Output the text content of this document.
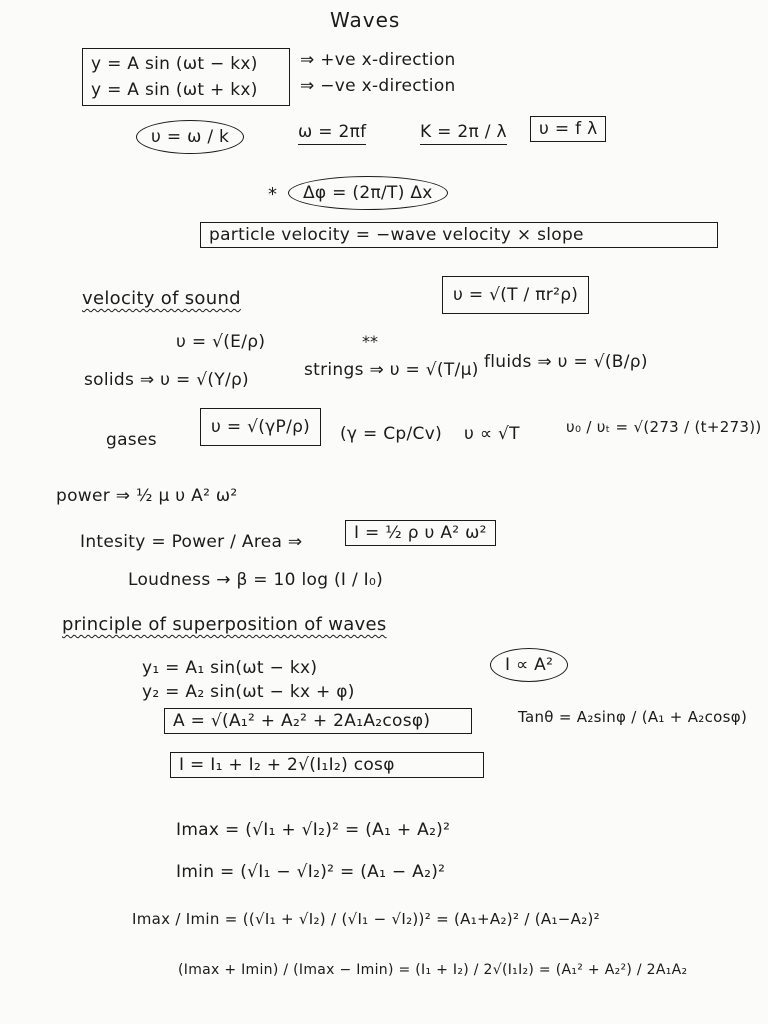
Waves
y = A sin (ωt − kx)
y = A sin (ωt + kx)
⇒ +ve x-direction
⇒ −ve x-direction
υ = ω / k	ω = 2πf	K = 2π / λ	υ = f λ
*	Δφ = (2π/T) Δx
particle velocity = −wave velocity × slope
velocity of sound	υ = √(T / πr²ρ)
υ = √(E/ρ)	**
solids ⇒ υ = √(Y/ρ)	strings ⇒ υ = √(T/μ) fluids ⇒ υ = √(B/ρ)
gases
υ = √(γP/ρ)	(γ = Cp/Cv) υ ∝ √T	υ₀ / υₜ = √(273 / (t+273))
power ⇒ ½ μ υ A² ω²
Intesity = Power / Area ⇒	I = ½ ρ υ A² ω²
Loudness → β = 10 log (I / I₀)
principle of superposition of waves
y₁ = A₁ sin(ωt − kx)
y₂ = A₂ sin(ωt − kx + φ)
I ∝ A²
A = √(A₁² + A₂² + 2A₁A₂cosφ)	Tanθ = A₂sinφ / (A₁ + A₂cosφ)
I = I₁ + I₂ + 2√(I₁I₂) cosφ
Imax = (√I₁ + √I₂)² = (A₁ + A₂)²
Imin = (√I₁ − √I₂)² = (A₁ − A₂)²
Imax / Imin = ((√I₁ + √I₂) / (√I₁ − √I₂))² = (A₁+A₂)² / (A₁−A₂)²
(Imax + Imin) / (Imax − Imin) = (I₁ + I₂) / 2√(I₁I₂) = (A₁² + A₂²) / 2A₁A₂
